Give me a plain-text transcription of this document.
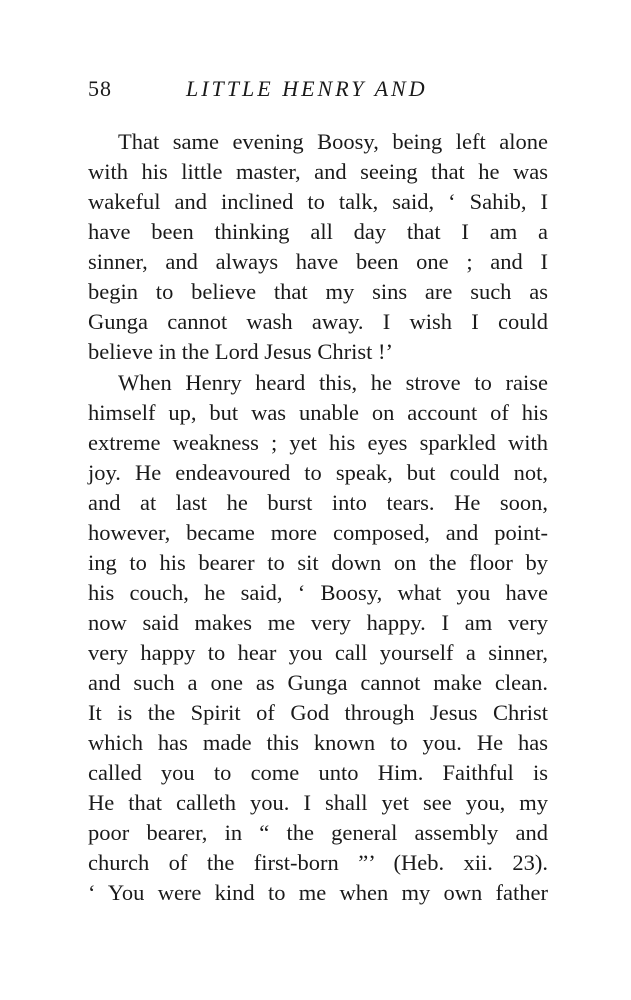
58	LITTLE HENRY AND
That same evening Boosy, being left alone
with his little master, and seeing that he was
wakeful and inclined to talk, said, ‘ Sahib, I
have been thinking all day that I am a
sinner, and always have been one ; and I
begin to believe that my sins are such as
Gunga cannot wash away. I wish I could
believe in the Lord Jesus Christ !’
When Henry heard this, he strove to raise
himself up, but was unable on account of his
extreme weakness ; yet his eyes sparkled with
joy. He endeavoured to speak, but could not,
and at last he burst into tears. He soon,
however, became more composed, and point-
ing to his bearer to sit down on the floor by
his couch, he said, ‘ Boosy, what you have
now said makes me very happy. I am very
very happy to hear you call yourself a sinner,
and such a one as Gunga cannot make clean.
It is the Spirit of God through Jesus Christ
which has made this known to you. He has
called you to come unto Him. Faithful is
He that calleth you. I shall yet see you, my
poor bearer, in “ the general assembly and
church of the first-born ”’ (Heb. xii. 23).
‘ You were kind to me when my own father
